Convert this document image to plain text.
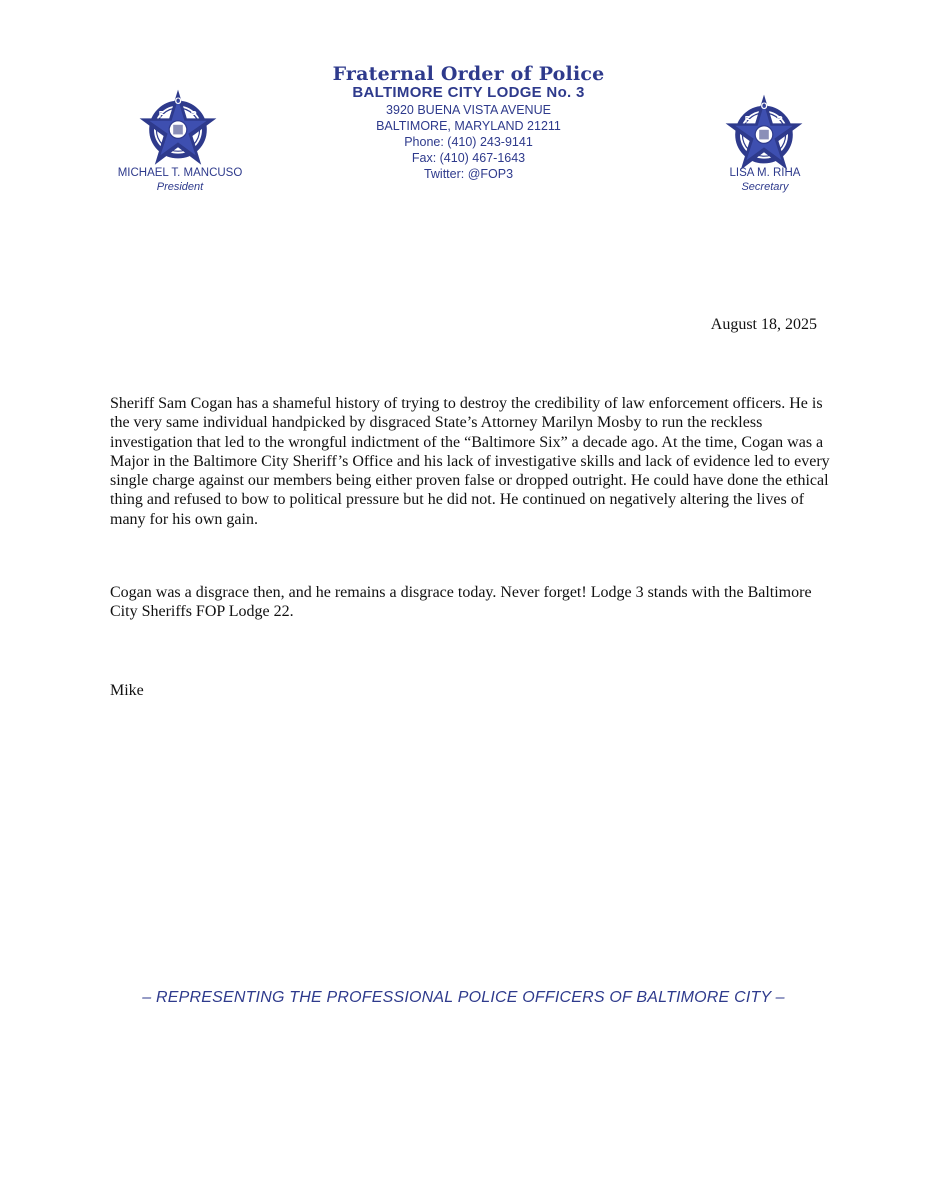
F
O
P	F
O
P
Fraternal Order of Police
BALTIMORE CITY LODGE No. 3
3920 BUENA VISTA AVENUE
BALTIMORE, MARYLAND 21211
Phone: (410) 243-9141
Fax: (410) 467-1643
Twitter: @FOP3
MICHAEL T. MANCUSO
President
LISA M. RIHA
Secretary
August 18, 2025

Sheriff Sam Cogan has a shameful history of trying to destroy the credibility of law enforcement officers. He is the very same individual handpicked by disgraced State’s Attorney Marilyn Mosby to run the reckless investigation that led to the wrongful indictment of the “Baltimore Six” a decade ago. At the time, Cogan was a Major in the Baltimore City Sheriff’s Office and his lack of investigative skills and lack of evidence led to every single charge against our members being either proven false or dropped outright. He could have done the ethical thing and refused to bow to political pressure but he did not. He continued on negatively altering the lives of many for his own gain.

Cogan was a disgrace then, and he remains a disgrace today. Never forget! Lodge 3 stands with the Baltimore City Sheriffs FOP Lodge 22.

Mike
– REPRESENTING THE PROFESSIONAL POLICE OFFICERS OF BALTIMORE CITY –
